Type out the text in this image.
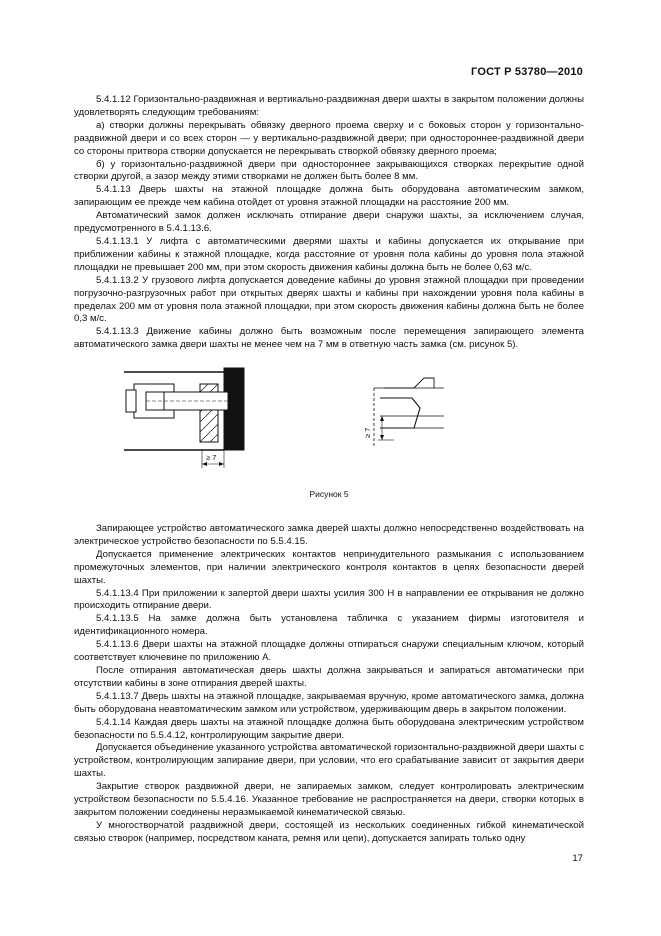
ГОСТ Р 53780—2010

5.4.1.12 Горизонтально-раздвижная и вертикально-раздвижная двери шахты в закрытом положении должны удовлетворять следующим требованиям:

а) створки должны перекрывать обвязку дверного проема сверху и с боковых сторон у горизонтально-раздвижной двери и со всех сторон — у вертикально-раздвижной двери; при одностороннее-раздвижной двери со стороны притвора створки допускается не перекрывать створкой обвязку дверного проема;

б) у горизонтально-раздвижной двери при одностороннее закрывающихся створках перекрытие одной створки другой, а зазор между этими створками не должен быть более 8 мм.

5.4.1.13 Дверь шахты на этажной площадке должна быть оборудована автоматическим замком, запирающим ее прежде чем кабина отойдет от уровня этажной площадки на расстояние 200 мм.

Автоматический замок должен исключать отпирание двери снаружи шахты, за исключением случая, предусмотренного в 5.4.1.13.6.

5.4.1.13.1 У лифта с автоматическими дверями шахты и кабины допускается их открывание при приближении кабины к этажной площадке, когда расстояние от уровня пола кабины до уровня пола этажной площадки не превышает 200 мм, при этом скорость движения кабины должна быть не более 0,63 м/с.

5.4.1.13.2 У грузового лифта допускается доведение кабины до уровня этажной площадки при проведении погрузочно-разгрузочных работ при открытых дверях шахты и кабины при нахождении уровня пола кабины в пределах 200 мм от уровня пола этажной площадки, при этом скорость движения кабины должна быть не более 0,3 м/с.

5.4.1.13.3 Движение кабины должно быть возможным после перемещения запирающего элемента автоматического замка двери шахты не менее чем на 7 мм в ответную часть замка (см. рисунок 5).

≥ 7
≥ 7

Рисунок 5

Запирающее устройство автоматического замка дверей шахты должно непосредственно воздействовать на электрическое устройство безопасности по 5.5.4.15.

Допускается применение электрических контактов непринудительного размыкания с использованием промежуточных элементов, при наличии электрического контроля контактов в цепях безопасности дверей шахты.

5.4.1.13.4 При приложении к запертой двери шахты усилия 300 Н в направлении ее открывания не должно происходить отпирание двери.

5.4.1.13.5 На замке должна быть установлена табличка с указанием фирмы изготовителя и идентификационного номера.

5.4.1.13.6 Двери шахты на этажной площадке должны отпираться снаружи специальным ключом, который соответствует ключевине по приложению А.

После отпирания автоматическая дверь шахты должна закрываться и запираться автоматически при отсутствии кабины в зоне отпирания дверей шахты.

5.4.1.13.7 Дверь шахты на этажной площадке, закрываемая вручную, кроме автоматического замка, должна быть оборудована неавтоматическим замком или устройством, удерживающим дверь в закрытом положении.

5.4.1.14 Каждая дверь шахты на этажной площадке должна быть оборудована электрическим устройством безопасности по 5.5.4.12, контролирующим закрытие двери.

Допускается объединение указанного устройства автоматической горизонтально-раздвижной двери шахты с устройством, контролирующим запирание двери, при условии, что его срабатывание зависит от закрытия двери шахты.

Закрытие створок раздвижной двери, не запираемых замком, следует контролировать электрическим устройством безопасности по 5.5.4.16. Указанное требование не распространяется на двери, створки которых в закрытом положении соединены неразмыкаемой кинематической связью.

У многостворчатой раздвижной двери, состоящей из нескольких соединенных гибкой кинематической связью створок (например, посредством каната, ремня или цепи), допускается запирать только одну

17
